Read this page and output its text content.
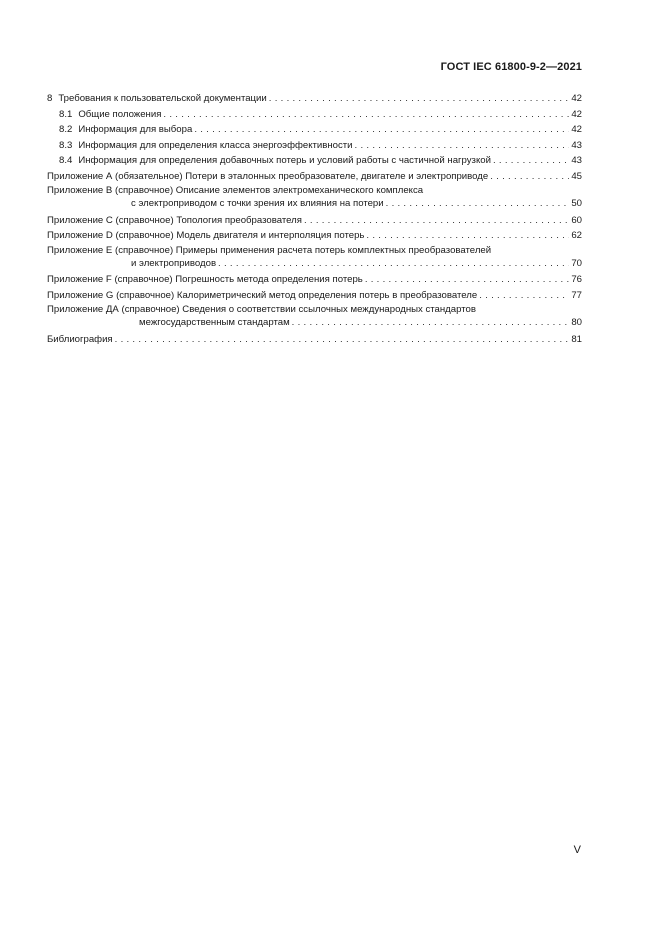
ГОСТ IEC 61800-9-2—2021
8 Требования к пользовательской документации . . .	42
8.1 Общие положения . . .	42
8.2 Информация для выбора . . .	42
8.3 Информация для определения класса энергоэффективности . . .	43
8.4 Информация для определения добавочных потерь и условий работы с частичной нагрузкой . . .	43
Приложение А (обязательное) Потери в эталонных преобразователе, двигателе и электроприводе . . .	45
Приложение В (справочное) Описание элементов электромеханического комплекса
с электроприводом с точки зрения их влияния на потери . . .	50
Приложение С (справочное) Топология преобразователя . . .	60
Приложение D (справочное) Модель двигателя и интерполяция потерь . . .	62
Приложение Е (справочное) Примеры применения расчета потерь комплектных преобразователей
и электроприводов . . .	70
Приложение F (справочное) Погрешность метода определения потерь . . .	76
Приложение G (справочное) Калориметрический метод определения потерь в преобразователе . . .	77
Приложение ДА (справочное) Сведения о соответствии ссылочных международных стандартов
межгосударственным стандартам . . .	80
Библиография . . .	81
V
